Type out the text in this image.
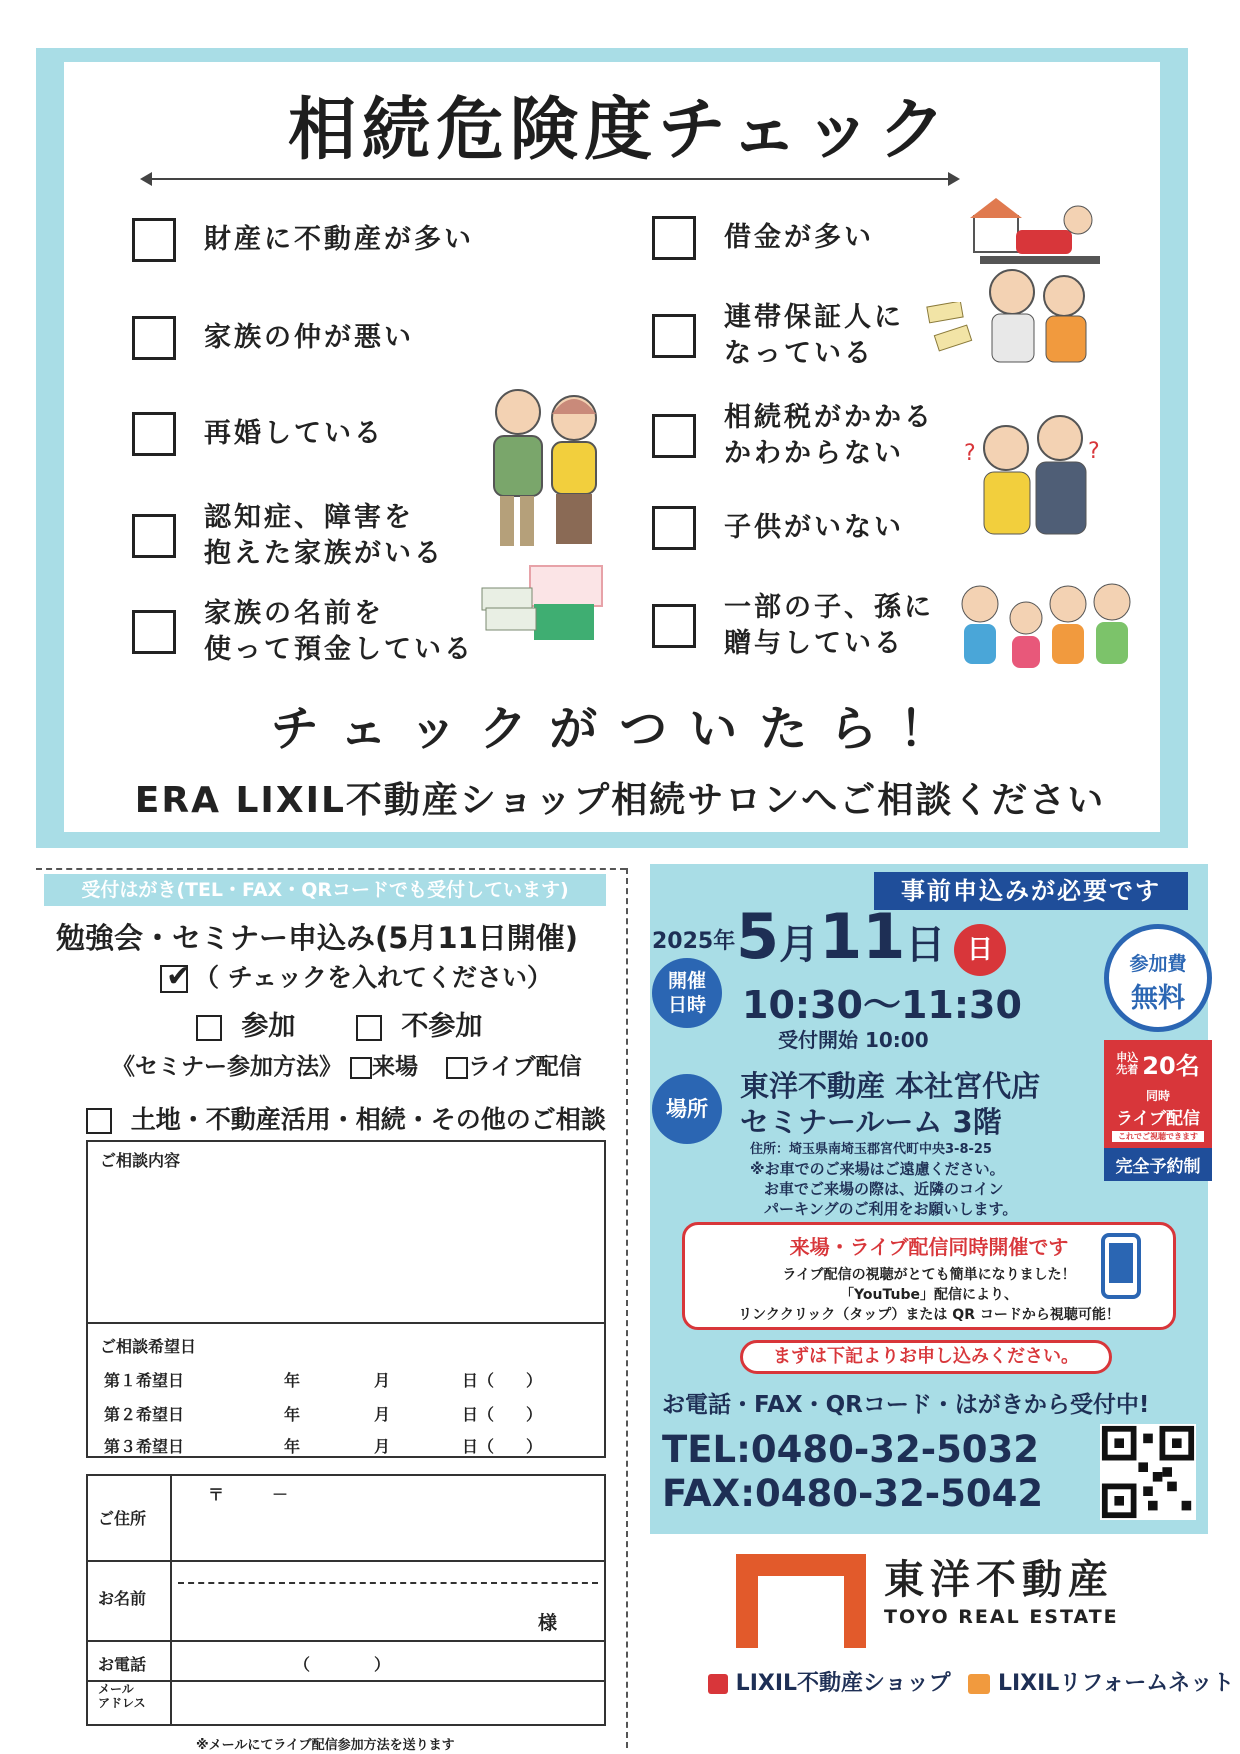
相続危険度チェック
財産に不動産が多い
家族の仲が悪い
再婚している
認知症、障害を
抱えた家族がいる
家族の名前を
使って預金している
借金が多い
連帯保証人に
なっている
相続税がかかる
かわからない
子供がいない
一部の子、孫に
贈与している
?	?
チェックがついたら！
ERA LIXIL不動産ショップ相続サロンへご相談ください
受付はがき(TEL・FAX・QRコードでも受付しています)
勉強会・セミナー申込み(5月11日開催)
✔ （ チェックを入れてください）
参加	不参加
《セミナー参加方法》 来場 ライブ配信
土地・不動産活用・相続・その他のご相談
ご相談内容
ご相談希望日
第１希望日	年	月	日（　　）
第２希望日	年	月	日（　　）
第３希望日	年	月	日（　　）
ご住所
〒　　　－
お名前
様
お電話	（　　　　）
メール
アドレス
※メールにてライブ配信参加方法を送ります
事前申込みが必要です
2025年 5月11日 日
開催
日時 10:30〜11:30
受付開始 10:00
場所
東洋不動産 本社宮代店
セミナールーム 3階
住所：埼玉県南埼玉郡宮代町中央3-8-25
※お車でのご来場はご遠慮ください。
お車でご来場の際は、近隣のコイン
パーキングのご利用をお願いします。
参加費
無料
申込
先着 20名
同時
ライブ配信
これでご視聴できます
完全予約制
来場・ライブ配信同時開催です
ライブ配信の視聴がとても簡単になりました！
「YouTube」配信により、
リンククリック（タップ）または QR コードから視聴可能！
まずは下記よりお申し込みください。
お電話・FAX・QRコード・はがきから受付中!
TEL:0480-32-5032
FAX:0480-32-5042
東洋不動産
TOYO REAL ESTATE
LIXIL不動産ショップ LIXILリフォームネット
